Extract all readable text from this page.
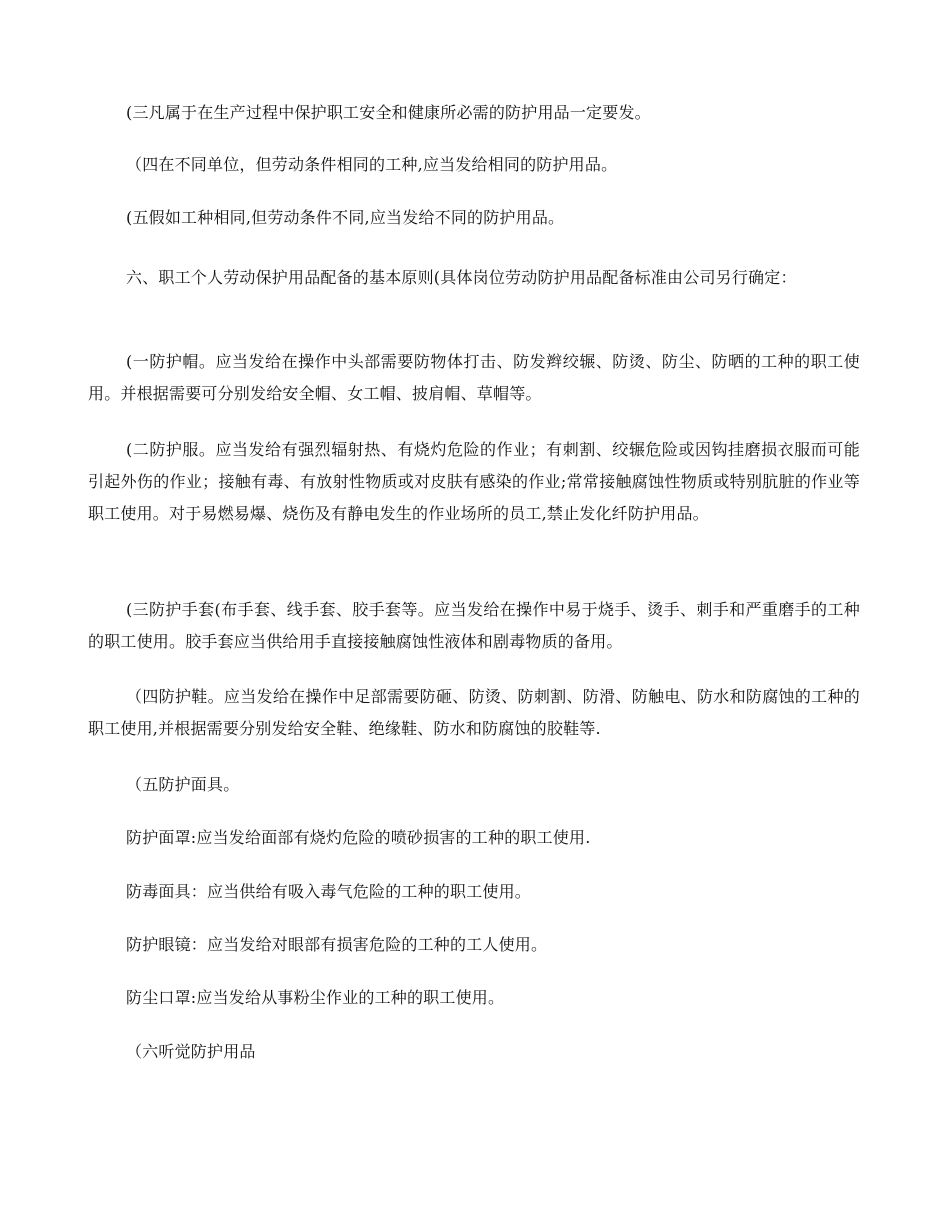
(三凡属于在生产过程中保护职工安全和健康所必需的防护用品一定要发。

（四在不同单位，但劳动条件相同的工种,应当发给相同的防护用品。

(五假如工种相同,但劳动条件不同,应当发给不同的防护用品。

六、职工个人劳动保护用品配备的基本原则(具体岗位劳动防护用品配备标准由公司另行确定：

(一防护帽。应当发给在操作中头部需要防物体打击、防发辫绞辗、防烫、防尘、防晒的工种的职工使用。并根据需要可分别发给安全帽、女工帽、披肩帽、草帽等。

(二防护服。应当发给有强烈辐射热、有烧灼危险的作业；有刺割、绞辗危险或因钩挂磨损衣服而可能引起外伤的作业；接触有毒、有放射性物质或对皮肤有感染的作业;常常接触腐蚀性物质或特别肮脏的作业等职工使用。对于易燃易爆、烧伤及有静电发生的作业场所的员工,禁止发化纤防护用品。

(三防护手套(布手套、线手套、胶手套等。应当发给在操作中易于烧手、烫手、刺手和严重磨手的工种的职工使用。胶手套应当供给用手直接接触腐蚀性液体和剧毒物质的备用。

（四防护鞋。应当发给在操作中足部需要防砸、防烫、防刺割、防滑、防触电、防水和防腐蚀的工种的职工使用,并根据需要分别发给安全鞋、绝缘鞋、防水和防腐蚀的胶鞋等.

（五防护面具。

防护面罩:应当发给面部有烧灼危险的喷砂损害的工种的职工使用.

防毒面具：应当供给有吸入毒气危险的工种的职工使用。

防护眼镜：应当发给对眼部有损害危险的工种的工人使用。

防尘口罩:应当发给从事粉尘作业的工种的职工使用。

（六听觉防护用品
